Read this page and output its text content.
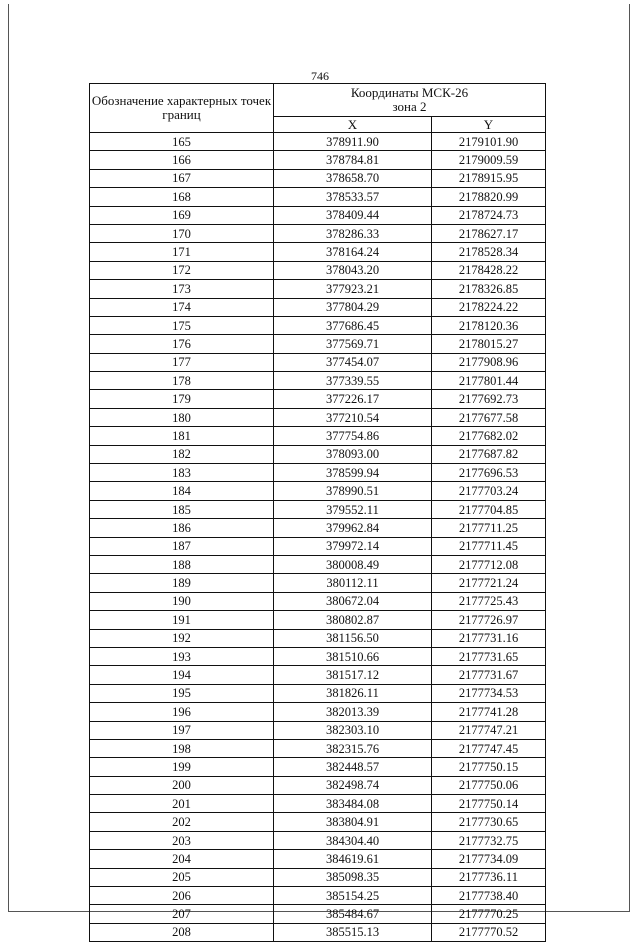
746
Обозначение характерных точек границ	Координаты МСК-26
зона 2	

	X	Y
165	378911.90	2179101.90
166	378784.81	2179009.59
167	378658.70	2178915.95
168	378533.57	2178820.99
169	378409.44	2178724.73
170	378286.33	2178627.17
171	378164.24	2178528.34
172	378043.20	2178428.22
173	377923.21	2178326.85
174	377804.29	2178224.22
175	377686.45	2178120.36
176	377569.71	2178015.27
177	377454.07	2177908.96
178	377339.55	2177801.44
179	377226.17	2177692.73
180	377210.54	2177677.58
181	377754.86	2177682.02
182	378093.00	2177687.82
183	378599.94	2177696.53
184	378990.51	2177703.24
185	379552.11	2177704.85
186	379962.84	2177711.25
187	379972.14	2177711.45
188	380008.49	2177712.08
189	380112.11	2177721.24
190	380672.04	2177725.43
191	380802.87	2177726.97
192	381156.50	2177731.16
193	381510.66	2177731.65
194	381517.12	2177731.67
195	381826.11	2177734.53
196	382013.39	2177741.28
197	382303.10	2177747.21
198	382315.76	2177747.45
199	382448.57	2177750.15
200	382498.74	2177750.06
201	383484.08	2177750.14
202	383804.91	2177730.65
203	384304.40	2177732.75
204	384619.61	2177734.09
205	385098.35	2177736.11
206	385154.25	2177738.40
207	385484.67	2177770.25
208	385515.13	2177770.52
